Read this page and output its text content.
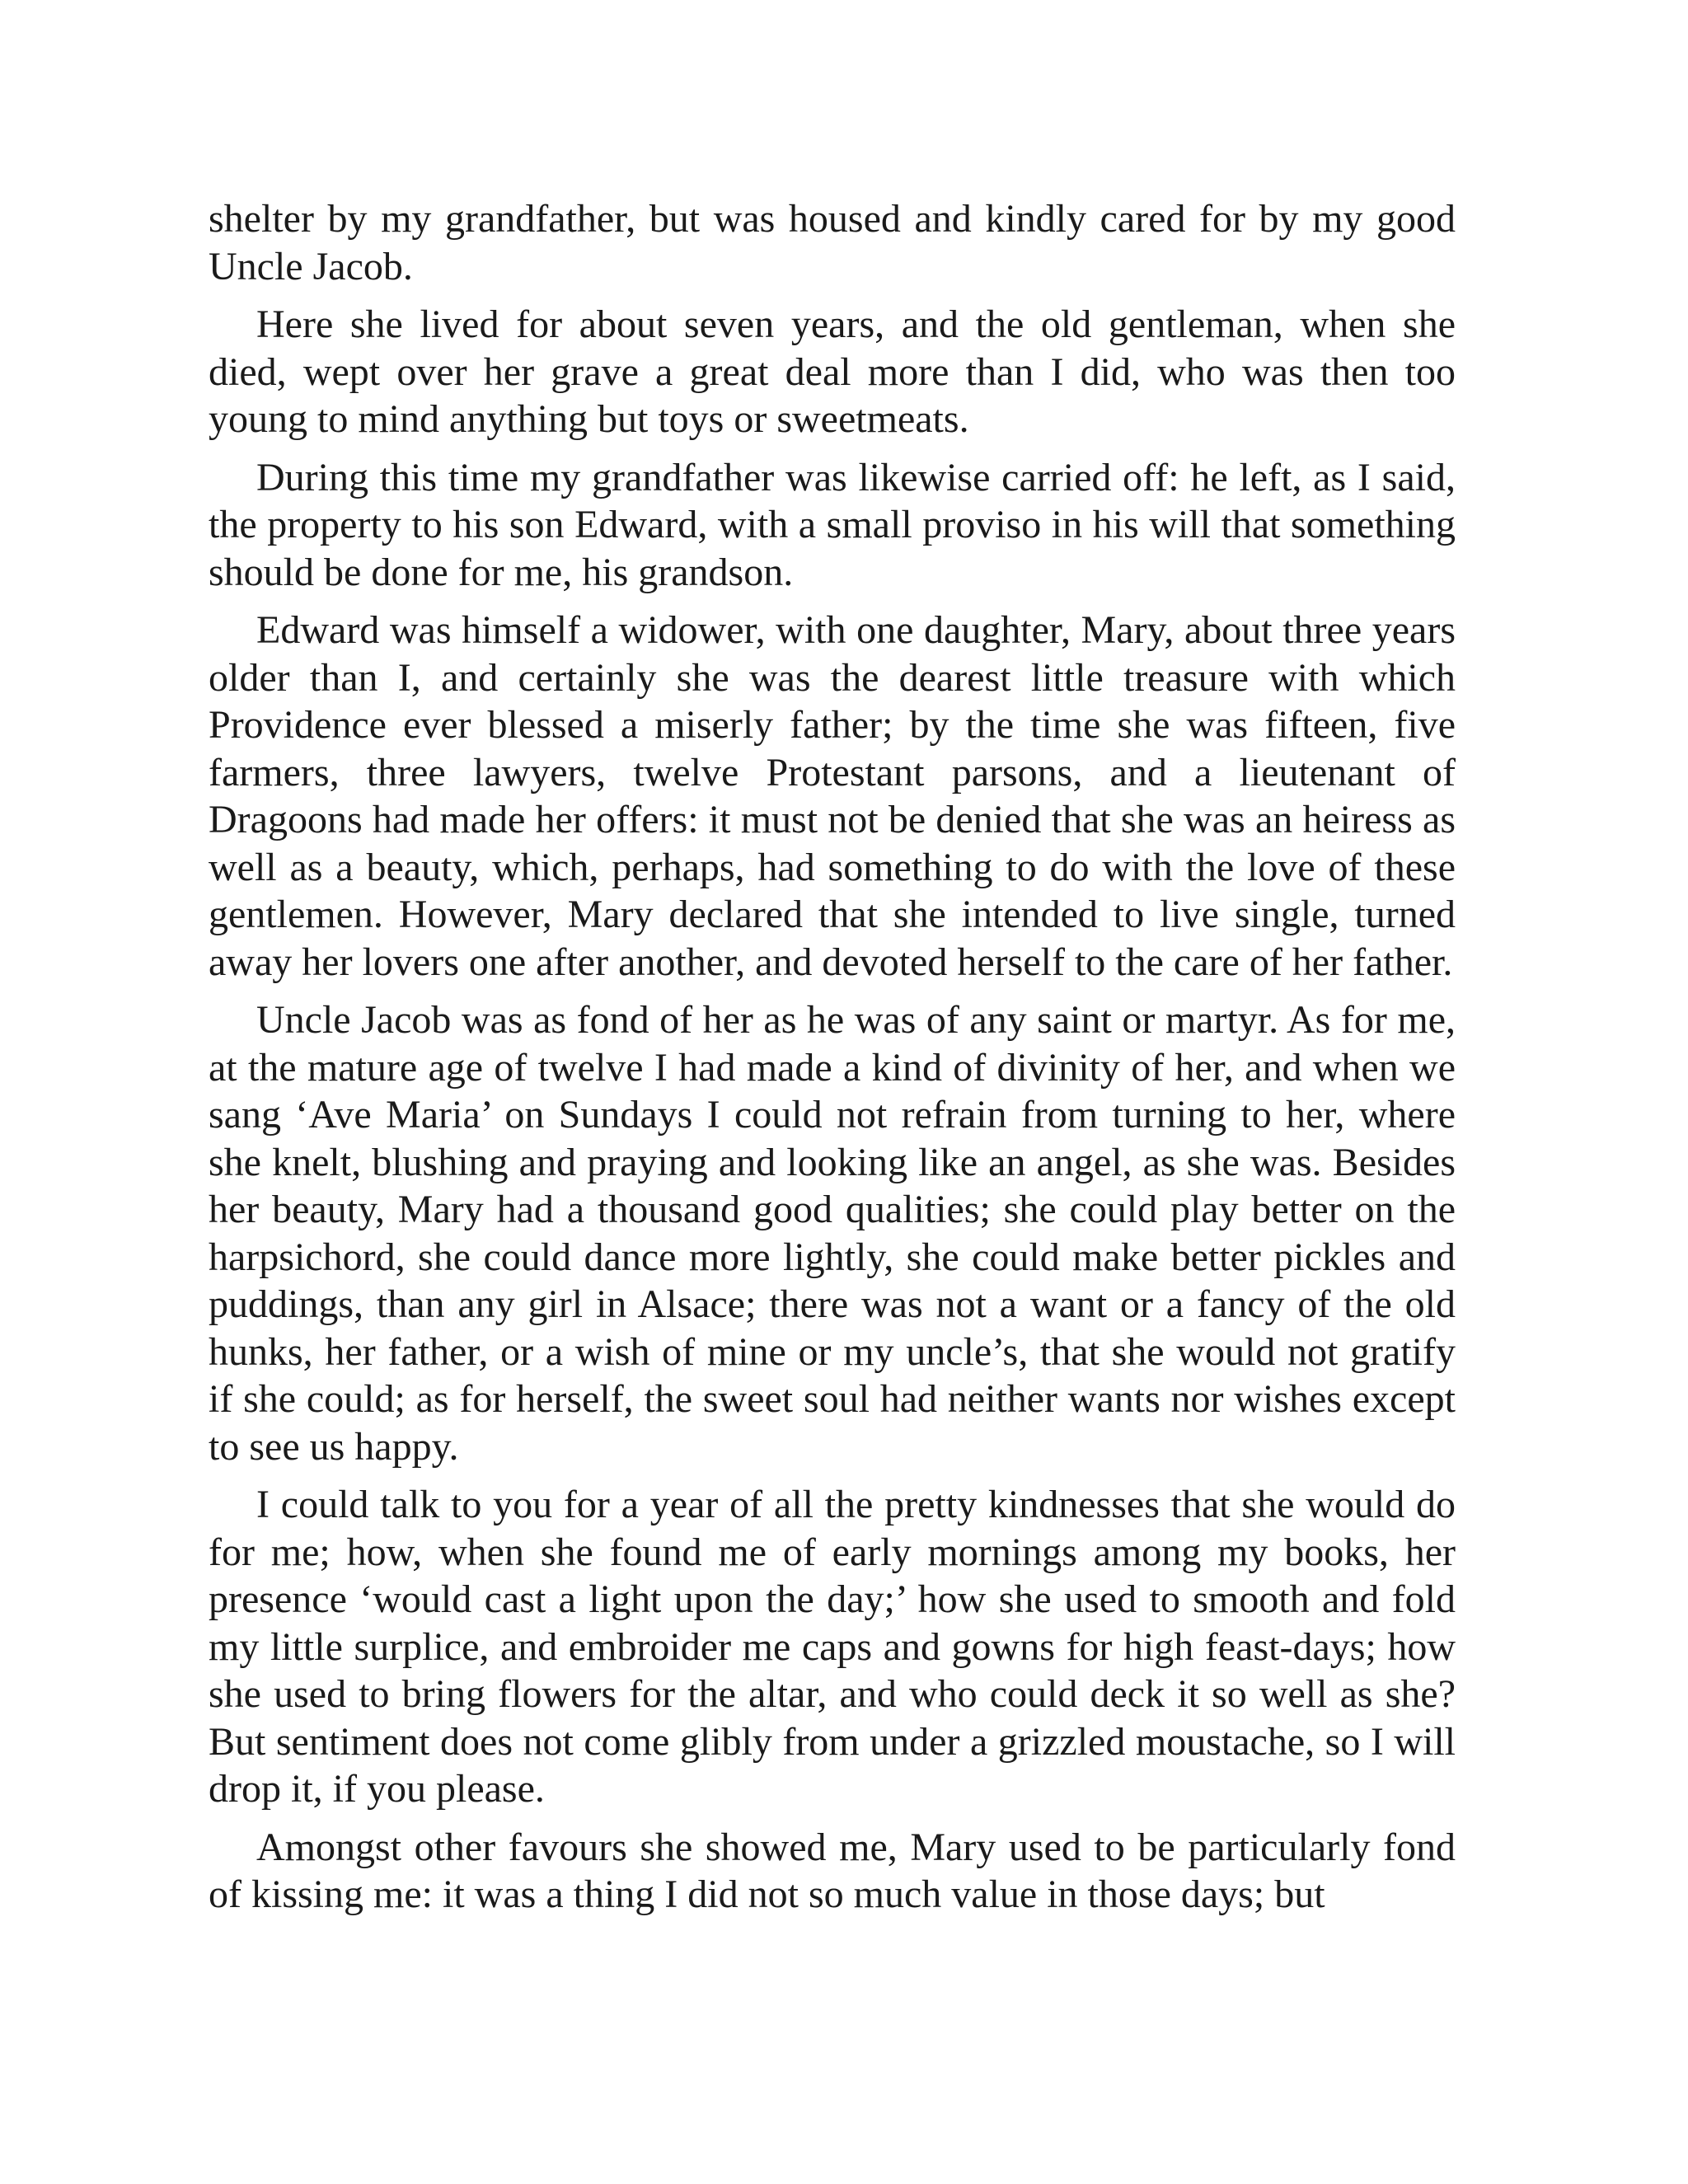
shelter by my grandfather, but was housed and kindly cared for by my good Uncle Jacob.

Here she lived for about seven years, and the old gentleman, when she died, wept over her grave a great deal more than I did, who was then too young to mind anything but toys or sweetmeats.

During this time my grandfather was likewise carried off: he left, as I said, the property to his son Edward, with a small proviso in his will that something should be done for me, his grandson.

Edward was himself a widower, with one daughter, Mary, about three years older than I, and certainly she was the dearest little treasure with which Providence ever blessed a miserly father; by the time she was fifteen, five farmers, three lawyers, twelve Protestant parsons, and a lieutenant of Dragoons had made her offers: it must not be denied that she was an heiress as well as a beauty, which, perhaps, had something to do with the love of these gentlemen. However, Mary declared that she intended to live single, turned away her lovers one after another, and devoted herself to the care of her father.

Uncle Jacob was as fond of her as he was of any saint or martyr. As for me, at the mature age of twelve I had made a kind of divinity of her, and when we sang ‘Ave Maria’ on Sundays I could not refrain from turning to her, where she knelt, blushing and praying and looking like an angel, as she was. Besides her beauty, Mary had a thousand good qualities; she could play better on the harpsichord, she could dance more lightly, she could make better pickles and puddings, than any girl in Alsace; there was not a want or a fancy of the old hunks, her father, or a wish of mine or my uncle’s, that she would not gratify if she could; as for herself, the sweet soul had neither wants nor wishes except to see us happy.

I could talk to you for a year of all the pretty kindnesses that she would do for me; how, when she found me of early mornings among my books, her presence ‘would cast a light upon the day;’ how she used to smooth and fold my little surplice, and embroider me caps and gowns for high feast-days; how she used to bring flowers for the altar, and who could deck it so well as she? But sentiment does not come glibly from under a grizzled moustache, so I will drop it, if you please.

Amongst other favours she showed me, Mary used to be particularly fond of kissing me: it was a thing I did not so much value in those days; but
